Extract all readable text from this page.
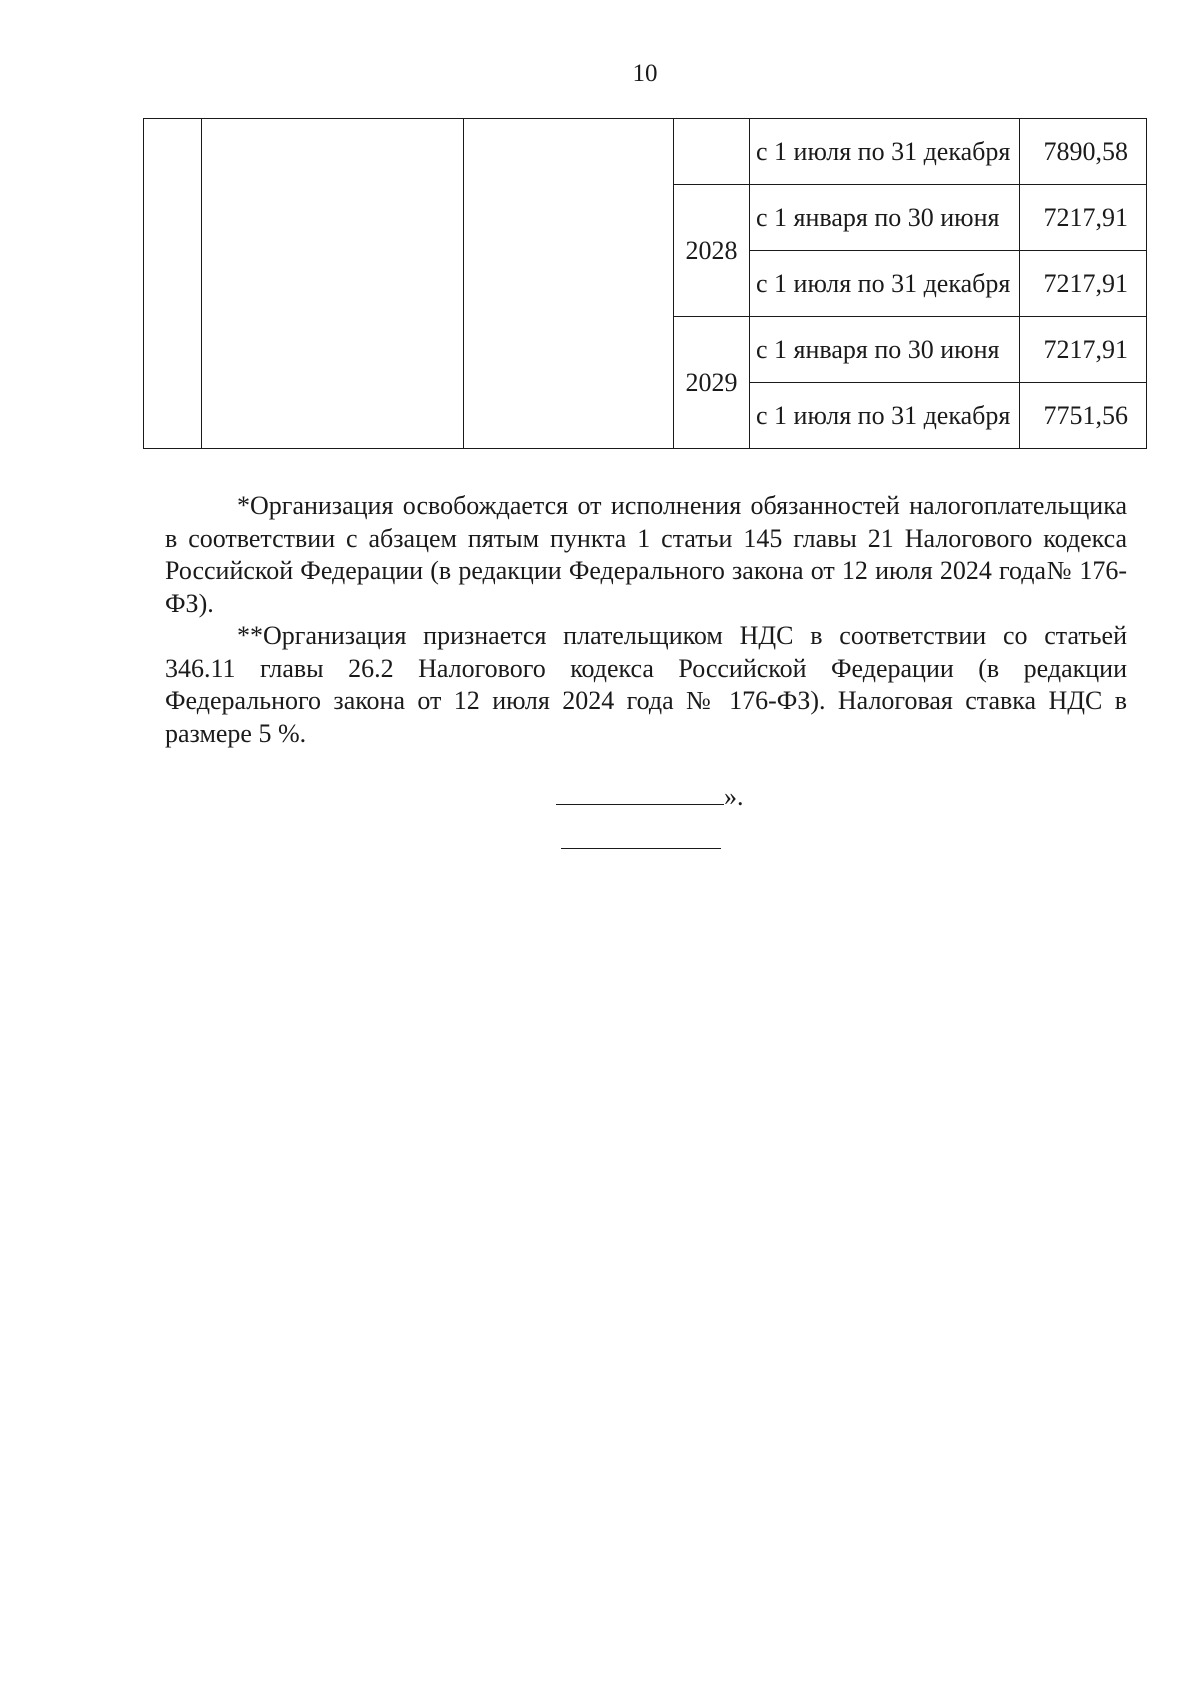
10
				с 1 июля по 31 декабря	7890,58
			2028	с 1 января по 30 июня	7217,91
				с 1 июля по 31 декабря	7217,91
			2029	с 1 января по 30 июня	7217,91
				с 1 июля по 31 декабря	7751,56

*Организация освобождается от исполнения обязанностей налогоплательщика в соответствии с абзацем пятым пункта 1 статьи 145 главы 21 Налогового кодекса Российской Федерации (в редакции Федерального закона от 12 июля 2024 года№ 176-ФЗ).

**Организация признается плательщиком НДС в соответствии со статьей 346.11 главы 26.2 Налогового кодекса Российской Федерации (в редакции Федерального закона от 12 июля 2024 года № 176-ФЗ). Налоговая ставка НДС в размере 5 %.

».
